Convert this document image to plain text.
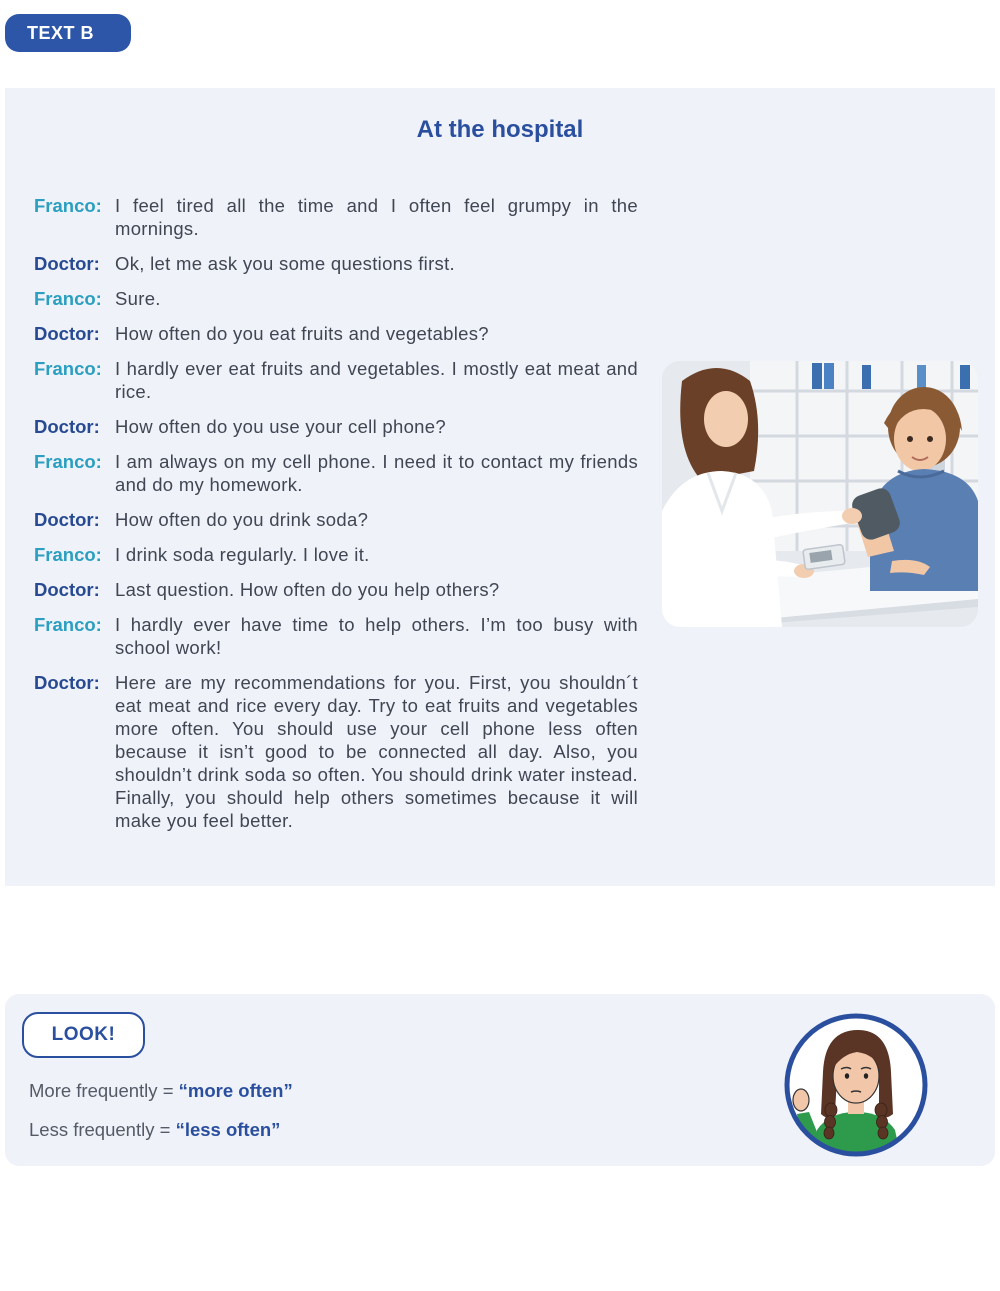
TEXT B
At the hospital
Franco: I feel tired all the time and I often feel grumpy in the mornings.
Doctor: Ok, let me ask you some questions first.
Franco: Sure.
Doctor: How often do you eat fruits and vegetables?
Franco: I hardly ever eat fruits and vegetables. I mostly eat meat and rice.
Doctor: How often do you use your cell phone?
Franco: I am always on my cell phone. I need it to contact my friends and do my homework.
Doctor: How often do you drink soda?
Franco: I drink soda regularly. I love it.
Doctor: Last question. How often do you help others?
Franco: I hardly ever have time to help others. I’m too busy with school work!
Doctor: Here are my recommendations for you. First, you shouldn´t eat meat and rice every day. Try to eat fruits and vegetables more often. You should use your cell phone less often because it isn’t good to be connected all day. Also, you shouldn’t drink soda so often. You should drink water instead. Finally, you should help others sometimes because it will make you feel better.
LOOK!
More frequently = “more often”
Less frequently = “less often”
